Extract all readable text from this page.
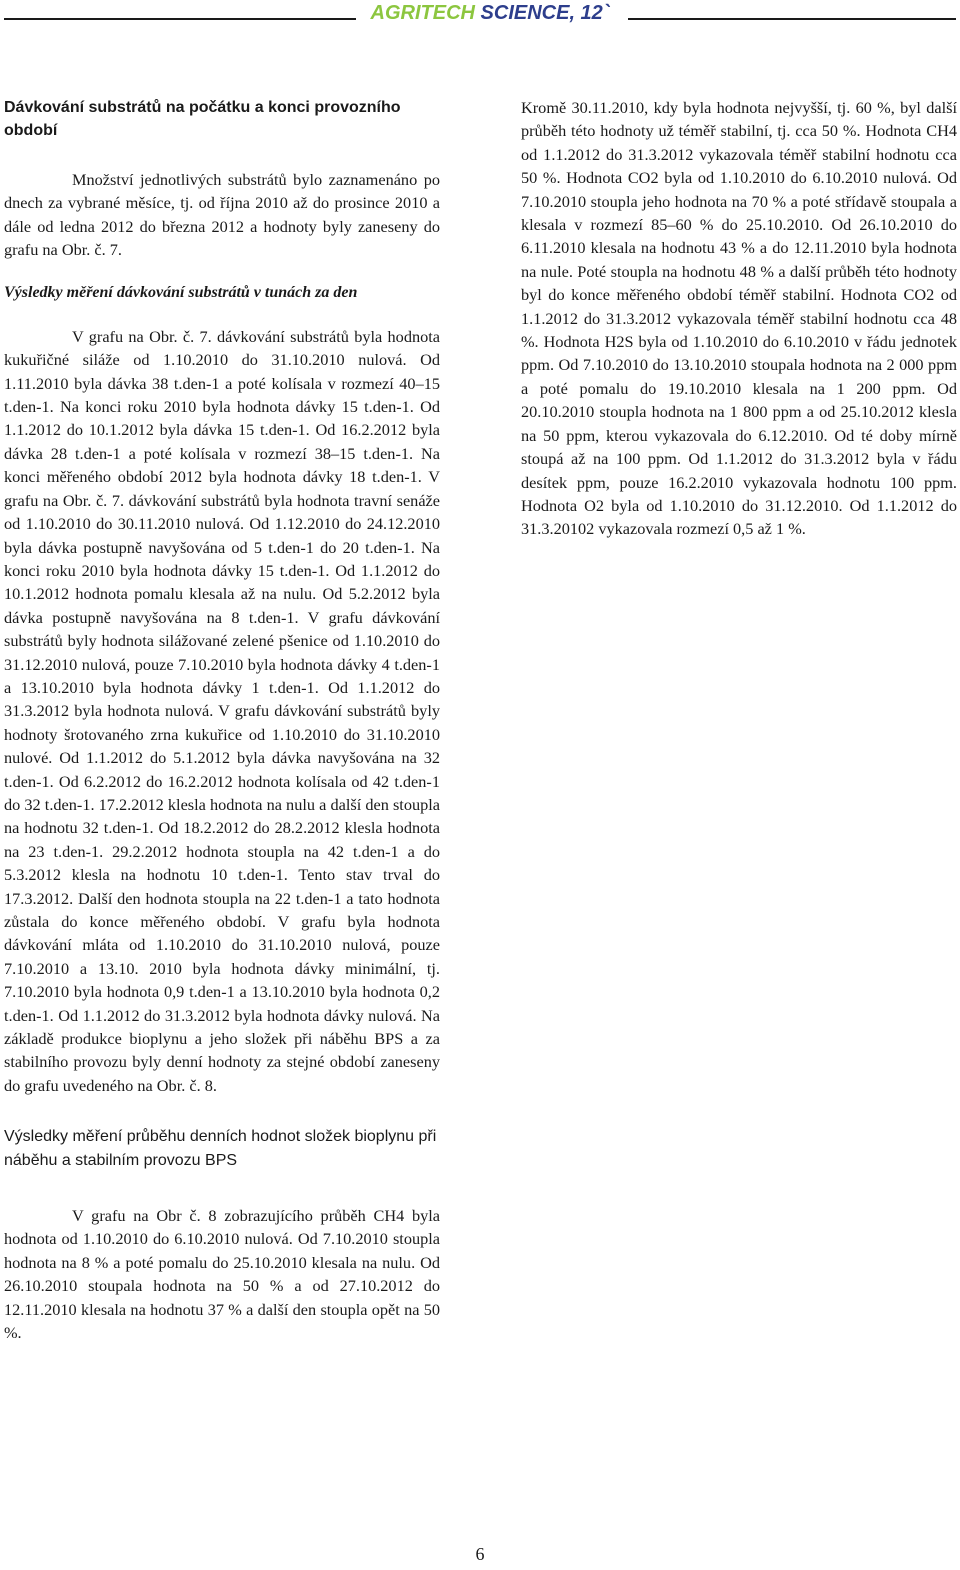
AGRITECH SCIENCE, 12`
Dávkování substrátů na počátku a konci provozního období

Množství jednotlivých substrátů bylo zaznamenáno po dnech za vybrané měsíce, tj. od října 2010 až do prosince 2010 a dále od ledna 2012 do března 2012 a hodnoty byly zaneseny do grafu na Obr. č. 7.

Výsledky měření dávkování substrátů v tunách za den

V grafu na Obr. č. 7. dávkování substrátů byla hodnota kukuřičné siláže od 1.10.2010 do 31.10.2010 nulová. Od 1.11.2010 byla dávka 38 t.den-1 a poté kolísala v rozmezí 40–15 t.den-1. Na konci roku 2010 byla hodnota dávky 15 t.den-1. Od 1.1.2012 do 10.1.2012 byla dávka 15 t.den-1. Od 16.2.2012 byla dávka 28 t.den-1 a poté kolísala v rozmezí 38–15 t.den-1. Na konci měřeného období 2012 byla hodnota dávky 18 t.den-1. V grafu na Obr. č. 7. dávkování substrátů byla hodnota travní senáže od 1.10.2010 do 30.11.2010 nulová. Od 1.12.2010 do 24.12.2010 byla dávka postupně navyšována od 5 t.den-1 do 20 t.den-1. Na konci roku 2010 byla hodnota dávky 15 t.den-1. Od 1.1.2012 do 10.1.2012 hodnota pomalu klesala až na nulu. Od 5.2.2012 byla dávka postupně navyšována na 8 t.den-1. V grafu dávkování substrátů byly hodnota silážované zelené pšenice od 1.10.2010 do 31.12.2010 nulová, pouze 7.10.2010 byla hodnota dávky 4 t.den-1 a 13.10.2010 byla hodnota dávky 1 t.den-1. Od 1.1.2012 do 31.3.2012 byla hodnota nulová. V grafu dávkování substrátů byly hodnoty šrotovaného zrna kukuřice od 1.10.2010 do 31.10.2010 nulové. Od 1.1.2012 do 5.1.2012 byla dávka navyšována na 32 t.den-1. Od 6.2.2012 do 16.2.2012 hodnota kolísala od 42 t.den-1 do 32 t.den-1. 17.2.2012 klesla hodnota na nulu a další den stoupla na hodnotu 32 t.den-1. Od 18.2.2012 do 28.2.2012 klesla hodnota na 23 t.den-1. 29.2.2012 hodnota stoupla na 42 t.den-1 a do 5.3.2012 klesla na hodnotu 10 t.den-1. Tento stav trval do 17.3.2012. Další den hodnota stoupla na 22 t.den-1 a tato hodnota zůstala do konce měřeného období. V grafu byla hodnota dávkování mláta od 1.10.2010 do 31.10.2010 nulová, pouze 7.10.2010 a 13.10. 2010 byla hodnota dávky minimální, tj. 7.10.2010 byla hodnota 0,9 t.den-1 a 13.10.2010 byla hodnota 0,2 t.den-1. Od 1.1.2012 do 31.3.2012 byla hodnota dávky nulová. Na základě produkce bioplynu a jeho složek při náběhu BPS a za stabilního provozu byly denní hodnoty za stejné období zaneseny do grafu uvedeného na Obr. č. 8.

Výsledky měření průběhu denních hodnot složek bioplynu při náběhu a stabilním provozu BPS

V grafu na Obr č. 8 zobrazujícího průběh CH4 byla hodnota od 1.10.2010 do 6.10.2010 nulová. Od 7.10.2010 stoupla hodnota na 8 % a poté pomalu do 25.10.2010 klesala na nulu. Od 26.10.2010 stoupala hodnota na 50 % a od 27.10.2012 do 12.11.2010 klesala na hodnotu 37 % a další den stoupla opět na 50 %.

Kromě 30.11.2010, kdy byla hodnota nejvyšší, tj. 60 %, byl další průběh této hodnoty už téměř stabilní, tj. cca 50 %. Hodnota CH4 od 1.1.2012 do 31.3.2012 vykazovala téměř stabilní hodnotu cca 50 %. Hodnota CO2 byla od 1.10.2010 do 6.10.2010 nulová. Od 7.10.2010 stoupla jeho hodnota na 70 % a poté střídavě stoupala a klesala v rozmezí 85–60 % do 25.10.2010. Od 26.10.2010 do 6.11.2010 klesala na hodnotu 43 % a do 12.11.2010 byla hodnota na nule. Poté stoupla na hodnotu 48 % a další průběh této hodnoty byl do konce měřeného období téměř stabilní. Hodnota CO2 od 1.1.2012 do 31.3.2012 vykazovala téměř stabilní hodnotu cca 48 %. Hodnota H2S byla od 1.10.2010 do 6.10.2010 v řádu jednotek ppm. Od 7.10.2010 do 13.10.2010 stoupala hodnota na 2 000 ppm a poté pomalu do 19.10.2010 klesala na 1 200 ppm. Od 20.10.2010 stoupla hodnota na 1 800 ppm a od 25.10.2012 klesla na 50 ppm, kterou vykazovala do 6.12.2010. Od té doby mírně stoupá až na 100 ppm. Od 1.1.2012 do 31.3.2012 byla v řádu desítek ppm, pouze 16.2.2010 vykazovala hodnotu 100 ppm. Hodnota O2 byla od 1.10.2010 do 31.12.2010. Od 1.1.2012 do 31.3.20102 vykazovala rozmezí 0,5 až 1 %.

6
